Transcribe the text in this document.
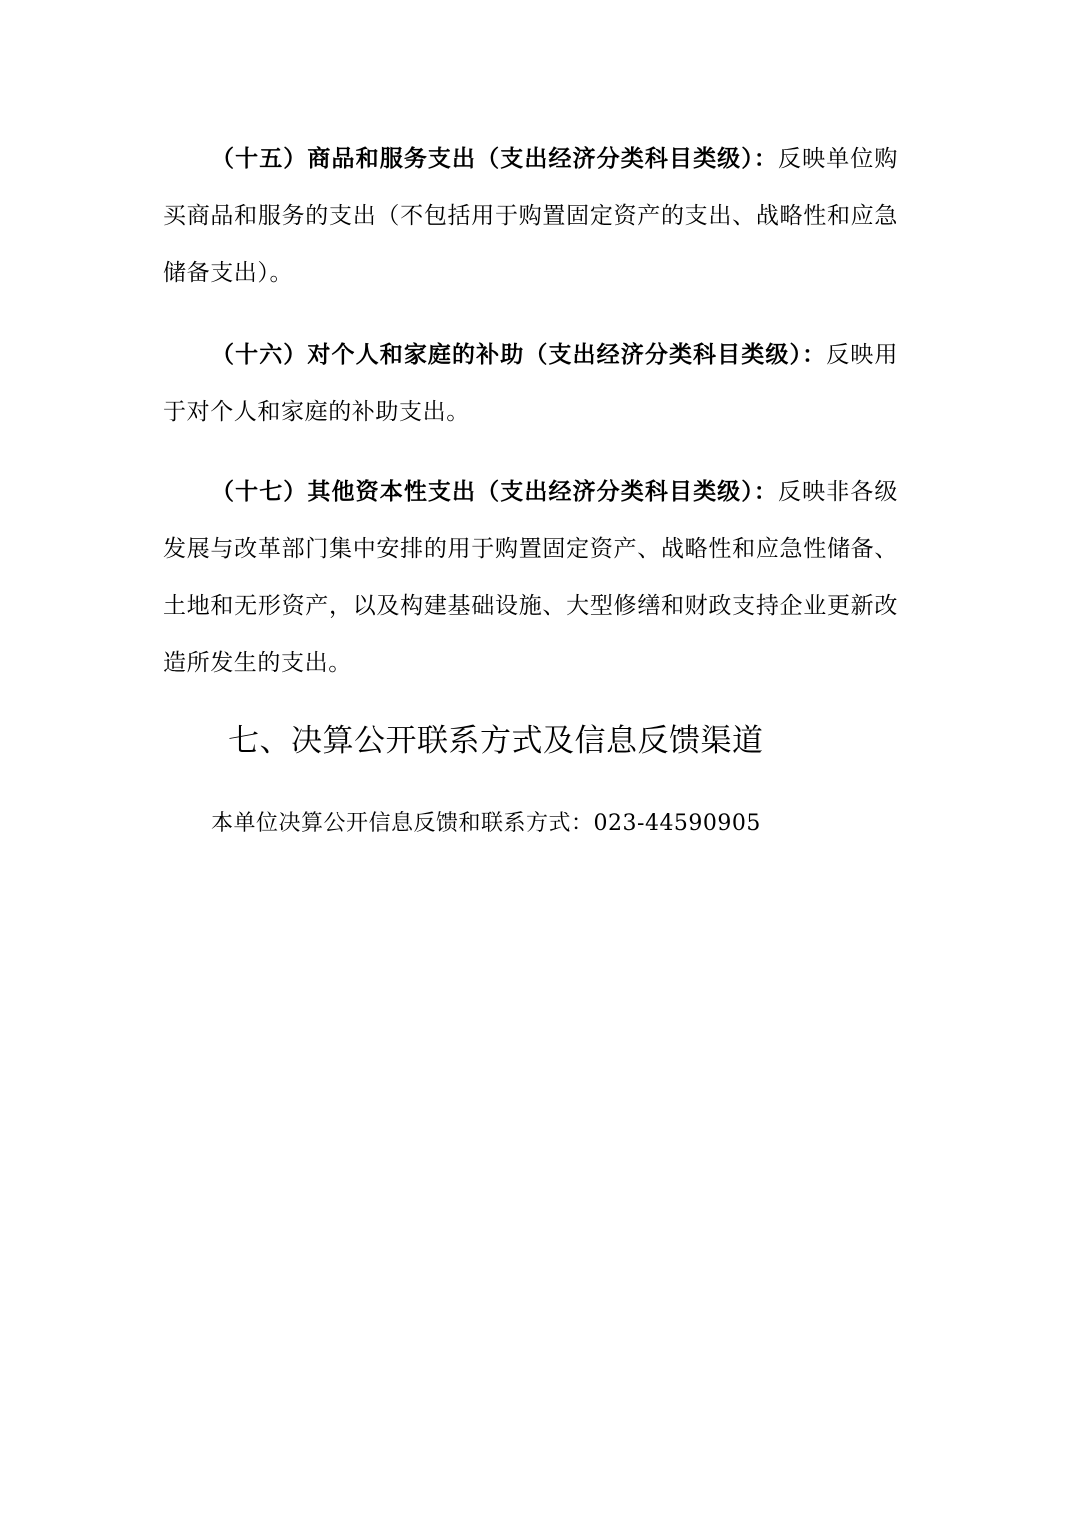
（十五）商品和服务支出（支出经济分类科目类级）：反映单位购买商品和服务的支出（不包括用于购置固定资产的支出、战略性和应急储备支出）。

（十六）对个人和家庭的补助（支出经济分类科目类级）：反映用于对个人和家庭的补助支出。

（十七）其他资本性支出（支出经济分类科目类级）：反映非各级发展与改革部门集中安排的用于购置固定资产、战略性和应急性储备、土地和无形资产，以及构建基础设施、大型修缮和财政支持企业更新改造所发生的支出。

七、决算公开联系方式及信息反馈渠道

本单位决算公开信息反馈和联系方式：023-44590905
